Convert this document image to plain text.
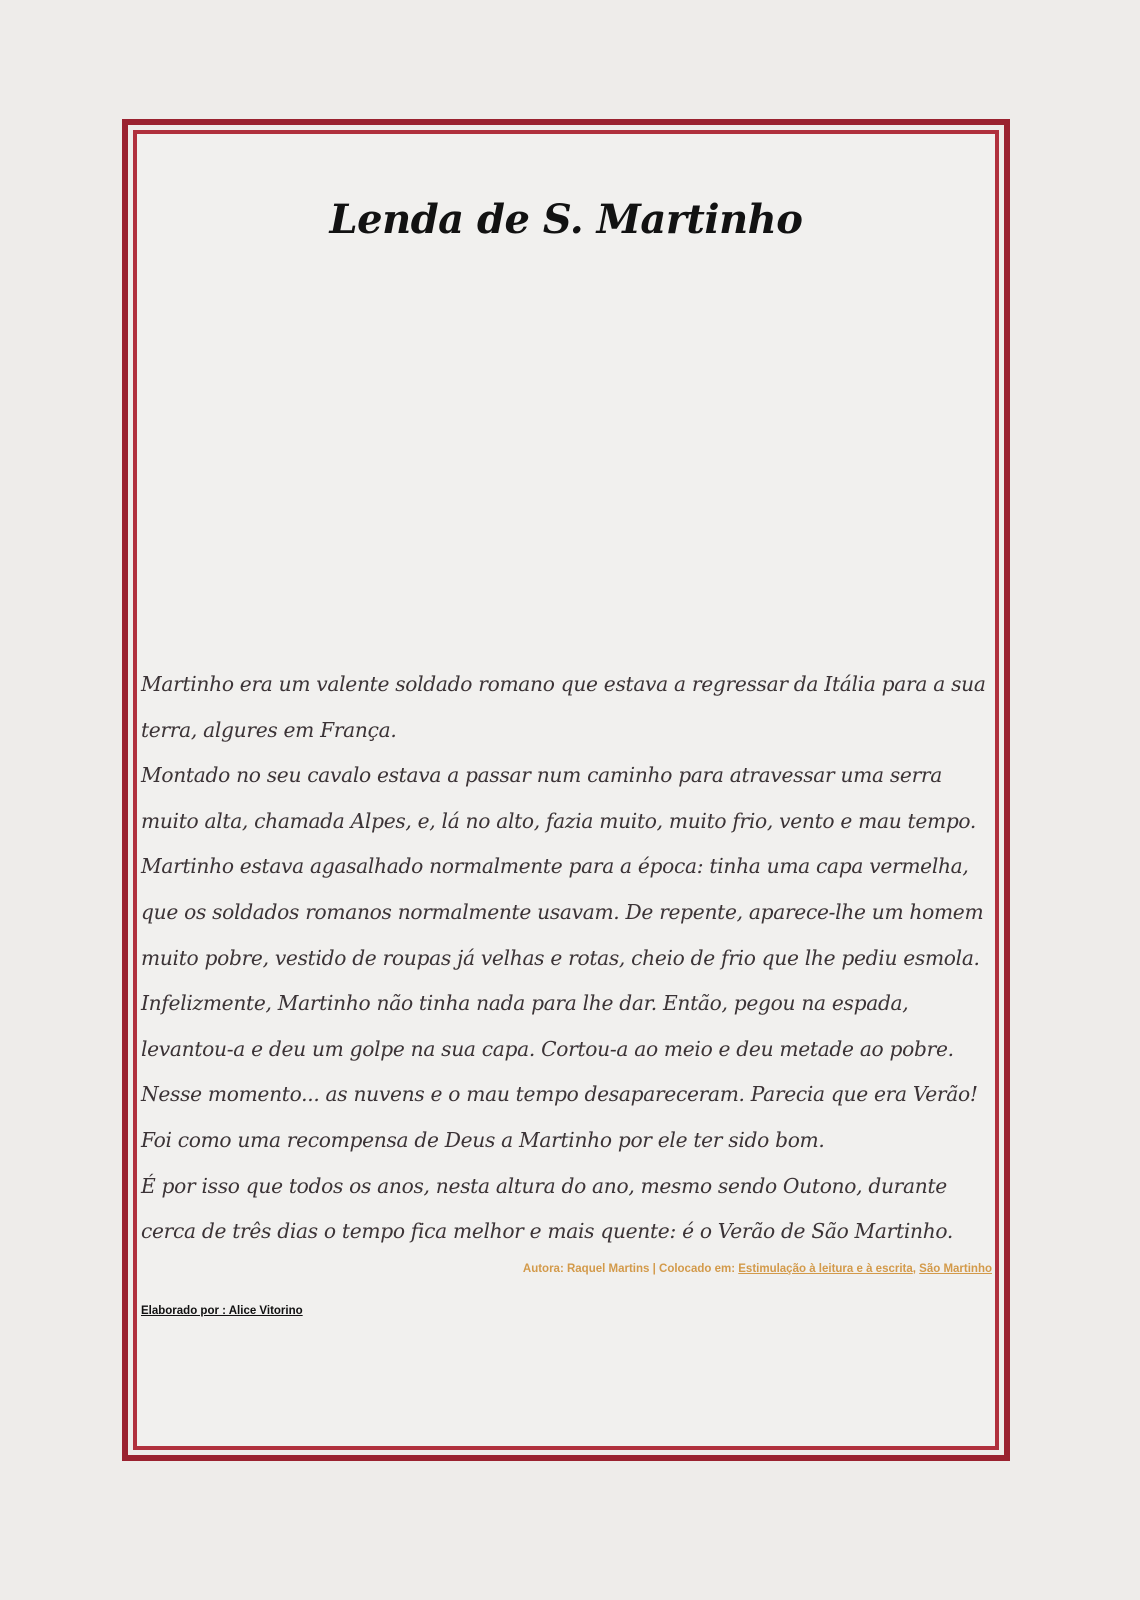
Lenda de S. Martinho

Martinho era um valente soldado romano que estava a regressar da Itália para a sua terra, algures em França.

Montado no seu cavalo estava a passar num caminho para atravessar uma serra muito alta, chamada Alpes, e, lá no alto, fazia muito, muito frio, vento e mau tempo. Martinho estava agasalhado normalmente para a época: tinha uma capa vermelha, que os soldados romanos normalmente usavam. De repente, aparece-lhe um homem muito pobre, vestido de roupas já velhas e rotas, cheio de frio que lhe pediu esmola.

Infelizmente, Martinho não tinha nada para lhe dar. Então, pegou na espada, levantou-a e deu um golpe na sua capa. Cortou-a ao meio e deu metade ao pobre.

Nesse momento... as nuvens e o mau tempo desapareceram. Parecia que era Verão! Foi como uma recompensa de Deus a Martinho por ele ter sido bom.

É por isso que todos os anos, nesta altura do ano, mesmo sendo Outono, durante cerca de três dias o tempo fica melhor e mais quente: é o Verão de São Martinho.

Autora: Raquel Martins | Colocado em: Estimulação à leitura e à escrita, São Martinho
Elaborado por : Alice Vitorino
